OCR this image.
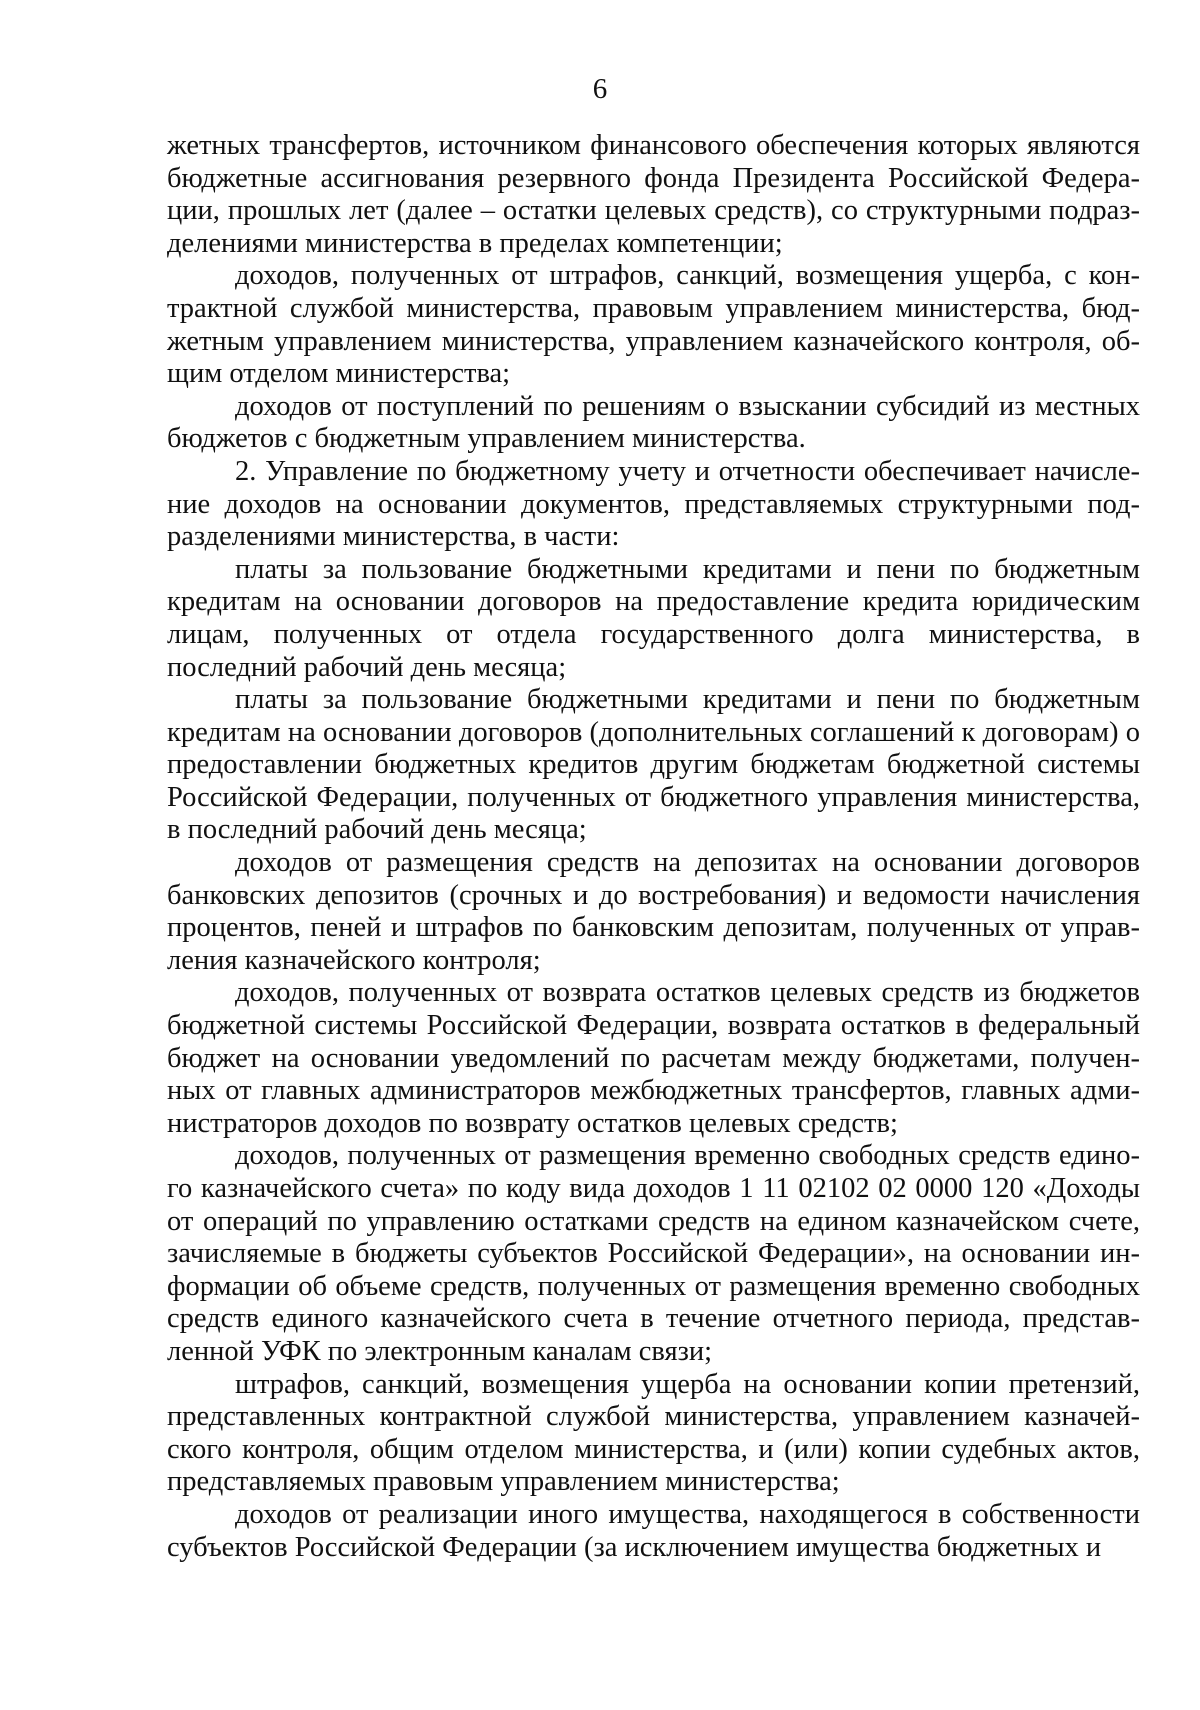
6

жетных трансфертов, источником финансового обеспечения которых являются бюджетные ассигнования резервного фонда Президента Российской Федерации, прошлых лет (далее – остатки целевых средств), со структурными подразделениями министерства в пределах компетенции;

доходов, полученных от штрафов, санкций, возмещения ущерба, с контрактной службой министерства, правовым управлением министерства, бюджетным управлением министерства, управлением казначейского контроля, общим отделом министерства;

доходов от поступлений по решениям о взыскании субсидий из местных бюджетов с бюджетным управлением министерства.

2. Управление по бюджетному учету и отчетности обеспечивает начисление доходов на основании документов, представляемых структурными подразделениями министерства, в части:

платы за пользование бюджетными кредитами и пени по бюджетным кредитам на основании договоров на предоставление кредита юридическим лицам, полученных от отдела государственного долга министерства, в последний рабочий день месяца;

платы за пользование бюджетными кредитами и пени по бюджетным кредитам на основании договоров (дополнительных соглашений к договорам) о предоставлении бюджетных кредитов другим бюджетам бюджетной системы Российской Федерации, полученных от бюджетного управления министерства, в последний рабочий день месяца;

доходов от размещения средств на депозитах на основании договоров банковских депозитов (срочных и до востребования) и ведомости начисления процентов, пеней и штрафов по банковским депозитам, полученных от управления казначейского контроля;

доходов, полученных от возврата остатков целевых средств из бюджетов бюджетной системы Российской Федерации, возврата остатков в федеральный бюджет на основании уведомлений по расчетам между бюджетами, полученных от главных администраторов межбюджетных трансфертов, главных администраторов доходов по возврату остатков целевых средств;

доходов, полученных от размещения временно свободных средств единого казначейского счета» по коду вида доходов 1 11 02102 02 0000 120 «Доходы от операций по управлению остатками средств на едином казначейском счете, зачисляемые в бюджеты субъектов Российской Федерации», на основании информации об объеме средств, полученных от размещения временно свободных средств единого казначейского счета в течение отчетного периода, представленной УФК по электронным каналам связи;

штрафов, санкций, возмещения ущерба на основании копии претензий, представленных контрактной службой министерства, управлением казначейского контроля, общим отделом министерства, и (или) копии судебных актов, представляемых правовым управлением министерства;

доходов от реализации иного имущества, находящегося в собственности субъектов Российской Федерации (за исключением имущества бюджетных и
